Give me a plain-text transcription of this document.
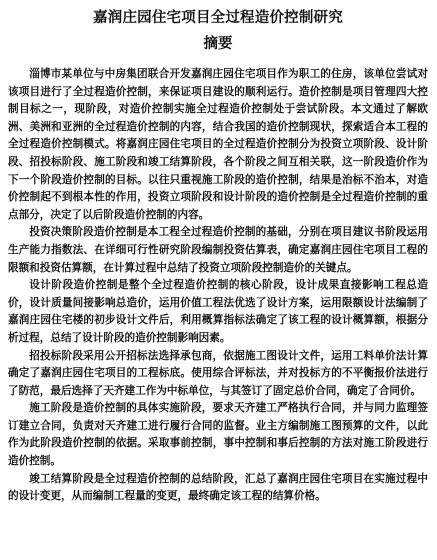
嘉润庄园住宅项目全过程造价控制研究
摘要

淄博市某单位与中房集团联合开发嘉润庄园住宅项目作为职工的住房，该单位尝试对该项目进行了全过程造价控制，来保证项目建设的顺利运行。造价控制是项目管理四大控制目标之一，现阶段，对造价控制实施全过程造价控制处于尝试阶段。本文通过了解欧洲、美洲和亚洲的全过程造价控制的内容，结合我国的造价控制现状，探索适合本工程的全过程造价控制模式。将嘉润庄园住宅项目的全过程造价控制分为投资立项阶段、设计阶段、招投标阶段、施工阶段和竣工结算阶段，各个阶段之间互相关联，这一阶段造价作为下一个阶段造价控制的目标。以往只重视施工阶段的造价控制，结果是治标不治本，对造价控制起不到根本性的作用，投资立项阶段和设计阶段的造价控制是全过程造价控制的重点部分，决定了以后阶段造价控制的内容。

投资决策阶段造价控制是本工程全过程造价控制的基础，分别在项目建议书阶段运用生产能力指数法、在详细可行性研究阶段编制投资估算表，确定嘉润庄园住宅项目工程的限额和投资估算额，在计算过程中总结了投资立项阶段控制造价的关键点。

设计阶段造价控制是整个全过程造价控制的核心阶段，设计成果直接影响工程总造价，设计质量间接影响总造价，运用价值工程法优选了设计方案，运用限额设计法编制了嘉润庄园住宅楼的初步设计文件后，利用概算指标法确定了该工程的设计概算额，根据分析过程，总结了设计阶段的造价控制影响因素。

招投标阶段采用公开招标法选择承包商，依据施工图设计文件，运用工料单价法计算确定了嘉润庄园住宅项目的工程标底。使用综合评标法，并对投标方的不平衡报价法进行了防范，最后选择了天齐建工作为中标单位，与其签订了固定总价合同，确定了合同价。

施工阶段是造价控制的具体实施阶段，要求天齐建工严格执行合同，并与同力监理签订建立合同，负责对天齐建工进行履行合同的监督。业主方编制施工图预算的文件，以此作为此阶段造价控制的依据。采取事前控制，事中控制和事后控制的方法对施工阶段进行造价控制。

竣工结算阶段是全过程造价控制的总结阶段，汇总了嘉润庄园住宅项目在实施过程中的设计变更，从而编制工程量的变更，最终确定该工程的结算价格。
